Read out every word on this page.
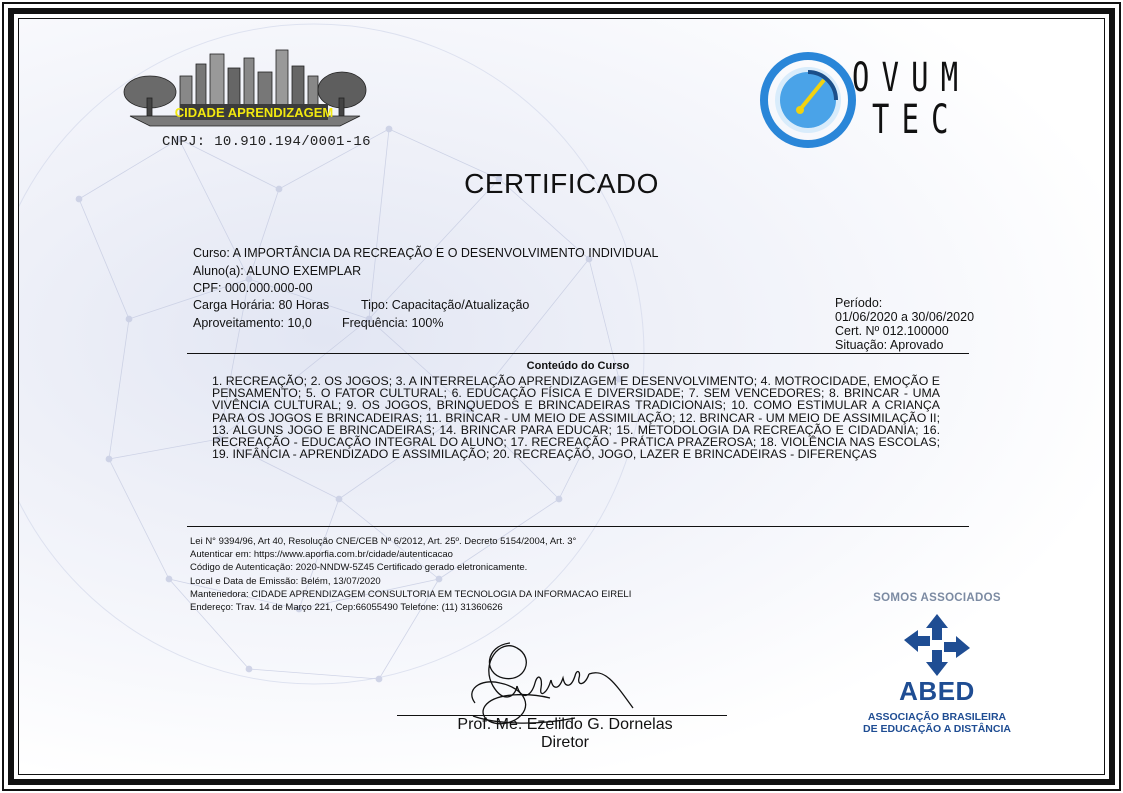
CIDADE APRENDIZAGEM
CNPJ: 10.910.194/0001-16
OVUM
TEC
CERTIFICADO
Curso: A IMPORTÂNCIA DA RECREAÇÃO E O DESENVOLVIMENTO INDIVIDUAL
Aluno(a): ALUNO EXEMPLAR
CPF: 000.000.000-00
Carga Horária: 80 Horas	Tipo: Capacitação/Atualização
Aproveitamento: 10,0 Frequência: 100%
Período:
01/06/2020 a 30/06/2020
Cert. Nº 012.100000
Situação: Aprovado
Conteúdo do Curso
1. RECREAÇÃO; 2. OS JOGOS; 3. A INTERRELAÇÃO APRENDIZAGEM E DESENVOLVIMENTO; 4. MOTROCIDADE, EMOÇÃO E PENSAMENTO; 5. O FATOR CULTURAL; 6. EDUCAÇÃO FÍSICA E DIVERSIDADE; 7. SEM VENCEDORES; 8. BRINCAR - UMA VIVÊNCIA CULTURAL; 9. OS JOGOS, BRINQUEDOS E BRINCADEIRAS TRADICIONAIS; 10. COMO ESTIMULAR A CRIANÇA PARA OS JOGOS E BRINCADEIRAS; 11. BRINCAR - UM MEIO DE ASSIMILAÇÃO; 12. BRINCAR - UM MEIO DE ASSIMILAÇÃO II; 13. ALGUNS JOGO E BRINCADEIRAS; 14. BRINCAR PARA EDUCAR; 15. METODOLOGIA DA RECREAÇÃO E CIDADANIA; 16. RECREAÇÃO - EDUCAÇÃO INTEGRAL DO ALUNO; 17. RECREAÇÃO - PRÁTICA PRAZEROSA; 18. VIOLÊNCIA NAS ESCOLAS; 19. INFÂNCIA - APRENDIZADO E ASSIMILAÇÃO; 20. RECREAÇÃO, JOGO, LAZER E BRINCADEIRAS - DIFERENÇAS
Lei N° 9394/96, Art 40, Resolução CNE/CEB Nº 6/2012, Art. 25º. Decreto 5154/2004, Art. 3°
Autenticar em: https://www.aporfia.com.br/cidade/autenticacao
Código de Autenticação: 2020-NNDW-5Z45 Certificado gerado eletronicamente.
Local e Data de Emissão: Belém, 13/07/2020
Mantenedora: CIDADE APRENDIZAGEM CONSULTORIA EM TECNOLOGIA DA INFORMACAO EIRELI
Endereço: Trav. 14 de Março 221, Cep:66055490 Telefone: (11) 31360626
Prof. Me. Ezelildo G. Dornelas
Diretor
SOMOS ASSOCIADOS
ABED
ASSOCIAÇÃO BRASILEIRA
DE EDUCAÇÃO A DISTÂNCIA
